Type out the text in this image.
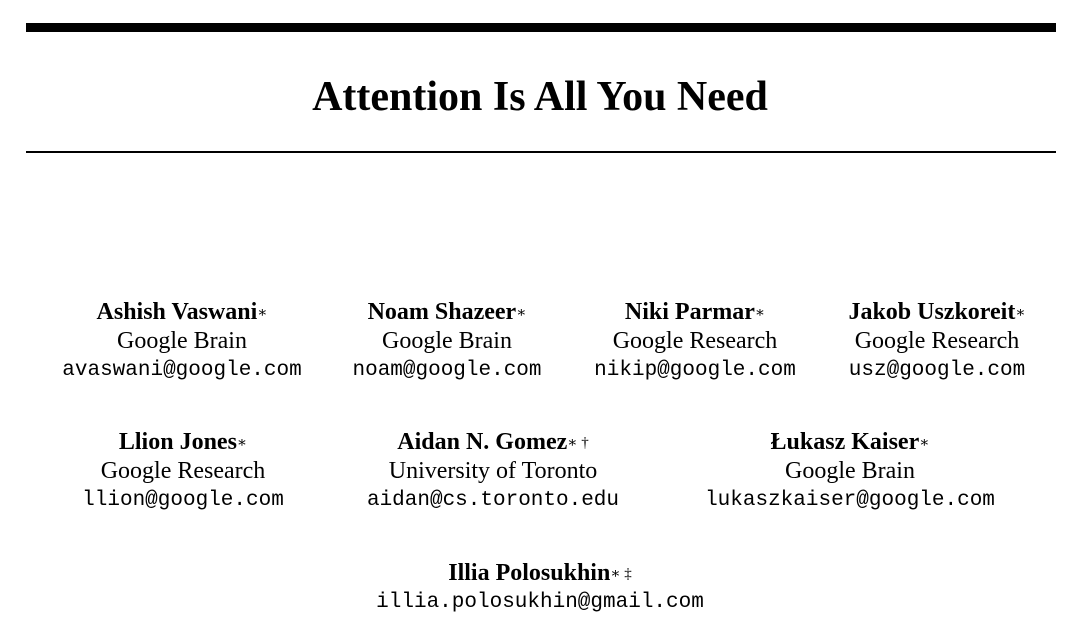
Attention Is All You Need
Ashish Vaswani∗
Google Brain
avaswani@google.com
Noam Shazeer∗
Google Brain
noam@google.com
Niki Parmar∗
Google Research
nikip@google.com
Jakob Uszkoreit∗
Google Research
usz@google.com
Llion Jones∗
Google Research
llion@google.com
Aidan N. Gomez∗ †
University of Toronto
aidan@cs.toronto.edu
Łukasz Kaiser∗
Google Brain
lukaszkaiser@google.com
Illia Polosukhin∗ ‡
illia.polosukhin@gmail.com
